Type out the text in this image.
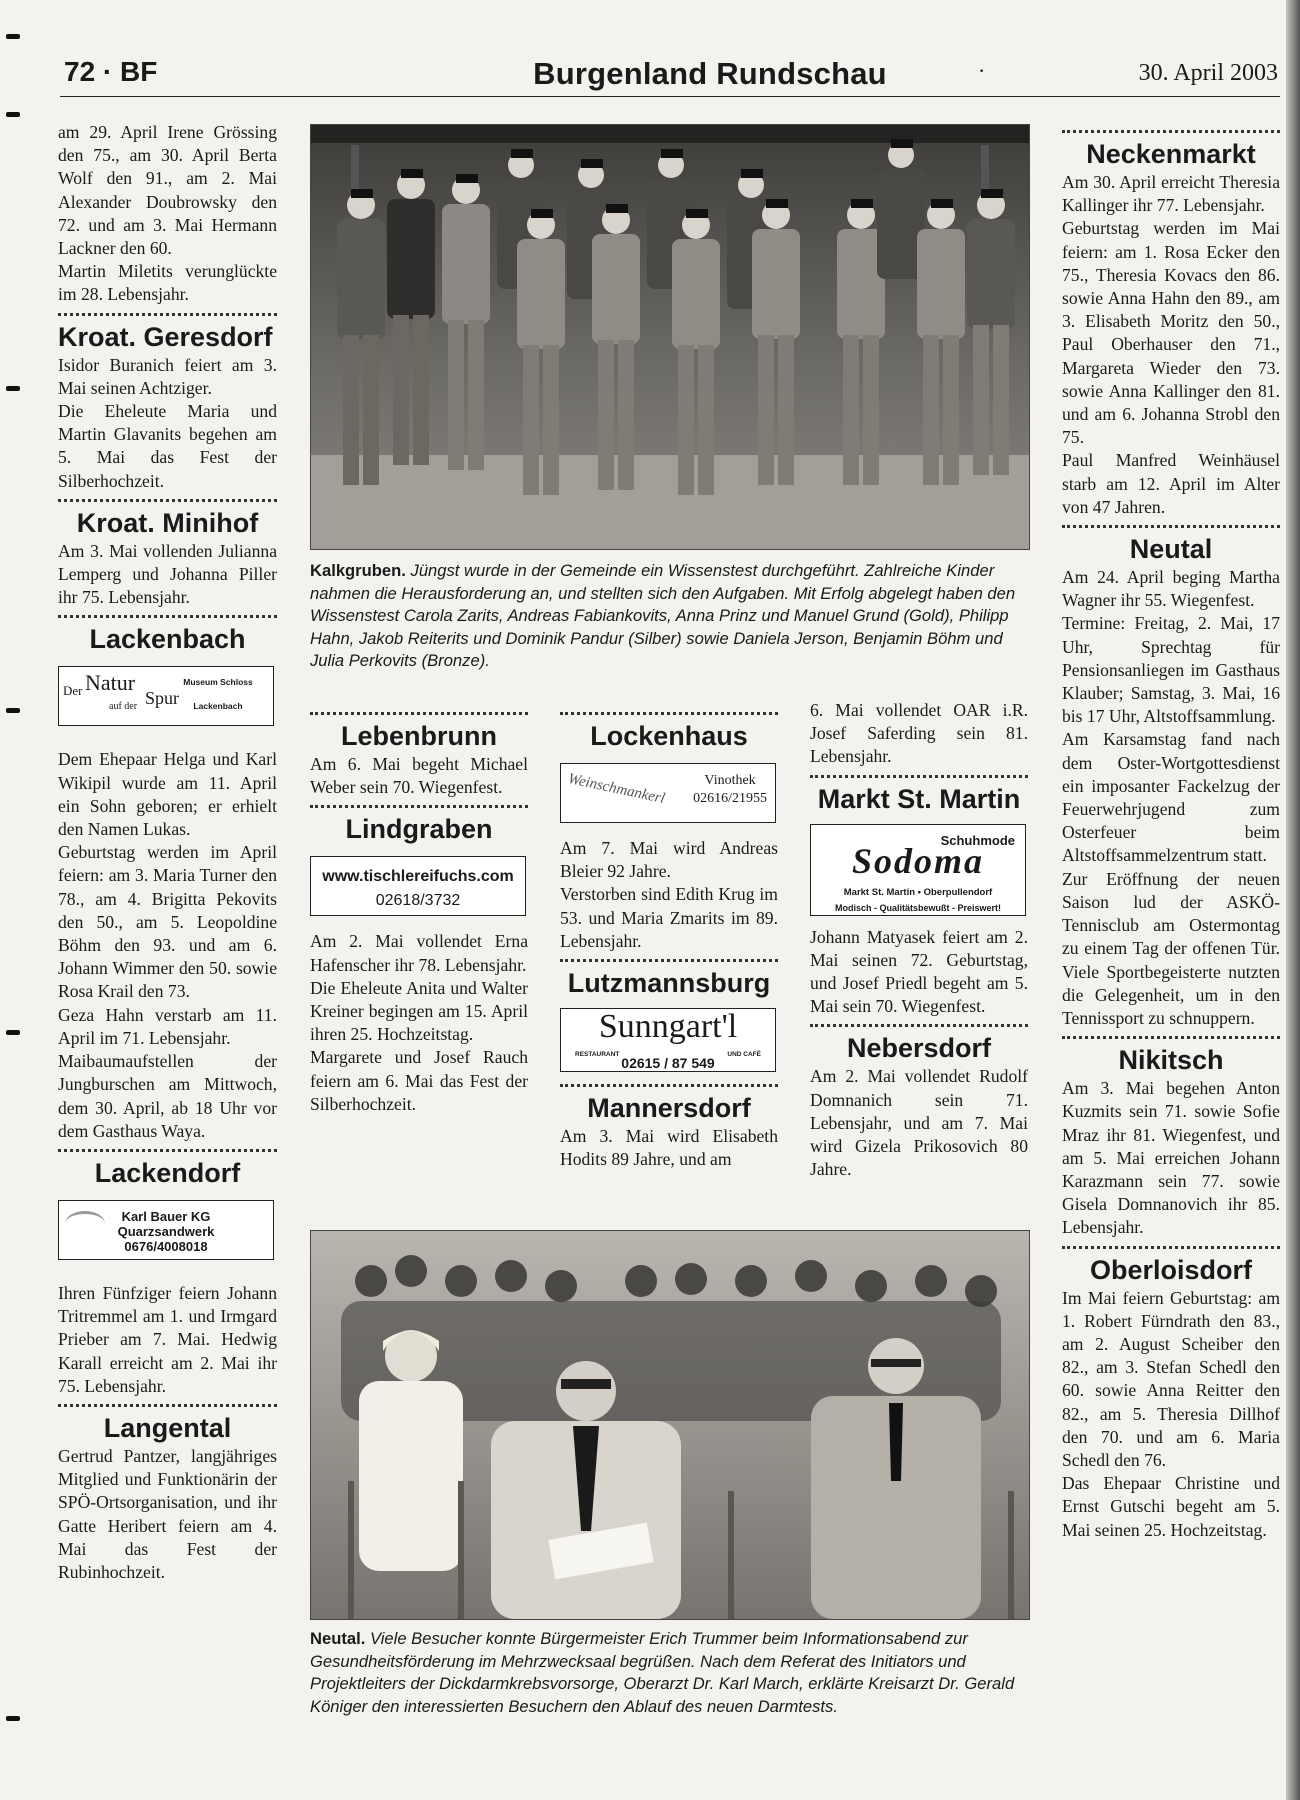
72 · BF	Burgenland Rundschau	·	30. April 2003

am 29. April Irene Grössing den 75., am 30. April Berta Wolf den 91., am 2. Mai Alexander Doubrowsky den 72. und am 3. Mai Hermann Lackner den 60.

Martin Miletits verunglückte im 28. Lebensjahr.

Kroat. Geresdorf

Isidor Buranich feiert am 3. Mai seinen Achtziger.

Die Eheleute Maria und Martin Glavanits begehen am 5. Mai das Fest der Silberhochzeit.

Kroat. Minihof

Am 3. Mai vollenden Julianna Lemperg und Johanna Piller ihr 75. Lebensjahr.

Lackenbach
Der Natur
auf der Spur
Museum Schloss Lackenbach

Dem Ehepaar Helga und Karl Wikipil wurde am 11. April ein Sohn geboren; er erhielt den Namen Lukas.

Geburtstag werden im April feiern: am 3. Maria Turner den 78., am 4. Brigitta Pekovits den 50., am 5. Leopoldine Böhm den 93. und am 6. Johann Wimmer den 50. sowie Rosa Krail den 73.

Geza Hahn verstarb am 11. April im 71. Lebensjahr.

Maibaumaufstellen der Jungburschen am Mittwoch, dem 30. April, ab 18 Uhr vor dem Gasthaus Waya.

Lackendorf
Karl Bauer KG
Quarzsandwerk
0676/4008018

Ihren Fünfziger feiern Johann Tritremmel am 1. und Irmgard Prieber am 7. Mai. Hedwig Karall erreicht am 2. Mai ihr 75. Lebensjahr.

Langental

Gertrud Pantzer, langjähriges Mitglied und Funktionärin der SPÖ-Ortsorganisation, und ihr Gatte Heribert feiern am 4. Mai das Fest der Rubinhochzeit.

Kalkgruben. Jüngst wurde in der Gemeinde ein Wissenstest durchgeführt. Zahlreiche Kinder nahmen die Herausforderung an, und stellten sich den Aufgaben. Mit Erfolg abgelegt haben den Wissenstest Carola Zarits, Andreas Fabiankovits, Anna Prinz und Manuel Grund (Gold), Philipp Hahn, Jakob Reiterits und Dominik Pandur (Silber) sowie Daniela Jerson, Benjamin Böhm und Julia Perkovits (Bronze).
Lebenbrunn

Am 6. Mai begeht Michael Weber sein 70. Wiegenfest.

Lindgraben
www.tischlereifuchs.com
02618/3732

Am 2. Mai vollendet Erna Hafenscher ihr 78. Lebensjahr.

Die Eheleute Anita und Walter Kreiner begingen am 15. April ihren 25. Hochzeitstag.

Margarete und Josef Rauch feiern am 6. Mai das Fest der Silberhochzeit.

Lockenhaus
Weinschmankerl	Vinothek
02616/21955

Am 7. Mai wird Andreas Bleier 92 Jahre.

Verstorben sind Edith Krug im 53. und Maria Zmarits im 89. Lebensjahr.

Lutzmannsburg
Sunngart'l
RESTAURANT	UND CAFÉ
02615 / 87 549
Mannersdorf

Am 3. Mai wird Elisabeth Hodits 89 Jahre, und am

6. Mai vollendet OAR i.R. Josef Saferding sein 81. Lebensjahr.

Markt St. Martin
Schuhmode
Sodoma
Markt St. Martin • Oberpullendorf
Modisch - Qualitätsbewußt - Preiswert!

Johann Matyasek feiert am 2. Mai seinen 72. Geburtstag, und Josef Priedl begeht am 5. Mai sein 70. Wiegenfest.

Nebersdorf

Am 2. Mai vollendet Rudolf Domnanich sein 71. Lebensjahr, und am 7. Mai wird Gizela Prikosovich 80 Jahre.

Neutal. Viele Besucher konnte Bürgermeister Erich Trummer beim Informationsabend zur Gesundheitsförderung im Mehrzwecksaal begrüßen. Nach dem Referat des Initiators und Projektleiters der Dickdarmkrebsvorsorge, Oberarzt Dr. Karl March, erklärte Kreisarzt Dr. Gerald Königer den interessierten Besuchern den Ablauf des neuen Darmtests.
Neckenmarkt

Am 30. April erreicht Theresia Kallinger ihr 77. Lebensjahr.

Geburtstag werden im Mai feiern: am 1. Rosa Ecker den 75., Theresia Kovacs den 86. sowie Anna Hahn den 89., am 3. Elisabeth Moritz den 50., Paul Oberhauser den 71., Margareta Wieder den 73. sowie Anna Kallinger den 81. und am 6. Johanna Strobl den 75.

Paul Manfred Weinhäusel starb am 12. April im Alter von 47 Jahren.

Neutal

Am 24. April beging Martha Wagner ihr 55. Wiegenfest.

Termine: Freitag, 2. Mai, 17 Uhr, Sprechtag für Pensionsanliegen im Gasthaus Klauber; Samstag, 3. Mai, 16 bis 17 Uhr, Altstoffsammlung.

Am Karsamstag fand nach dem Oster-Wortgottesdienst ein imposanter Fackelzug der Feuerwehrjugend zum Osterfeuer beim Altstoffsammelzentrum statt.

Zur Eröffnung der neuen Saison lud der ASKÖ-Tennisclub am Ostermontag zu einem Tag der offenen Tür. Viele Sportbegeisterte nutzten die Gelegenheit, um in den Tennissport zu schnuppern.

Nikitsch

Am 3. Mai begehen Anton Kuzmits sein 71. sowie Sofie Mraz ihr 81. Wiegenfest, und am 5. Mai erreichen Johann Karazmann sein 77. sowie Gisela Domnanovich ihr 85. Lebensjahr.

Oberloisdorf

Im Mai feiern Geburtstag: am 1. Robert Fürndrath den 83., am 2. August Scheiber den 82., am 3. Stefan Schedl den 60. sowie Anna Reitter den 82., am 5. Theresia Dillhof den 70. und am 6. Maria Schedl den 76.

Das Ehepaar Christine und Ernst Gutschi begeht am 5. Mai seinen 25. Hochzeitstag.
